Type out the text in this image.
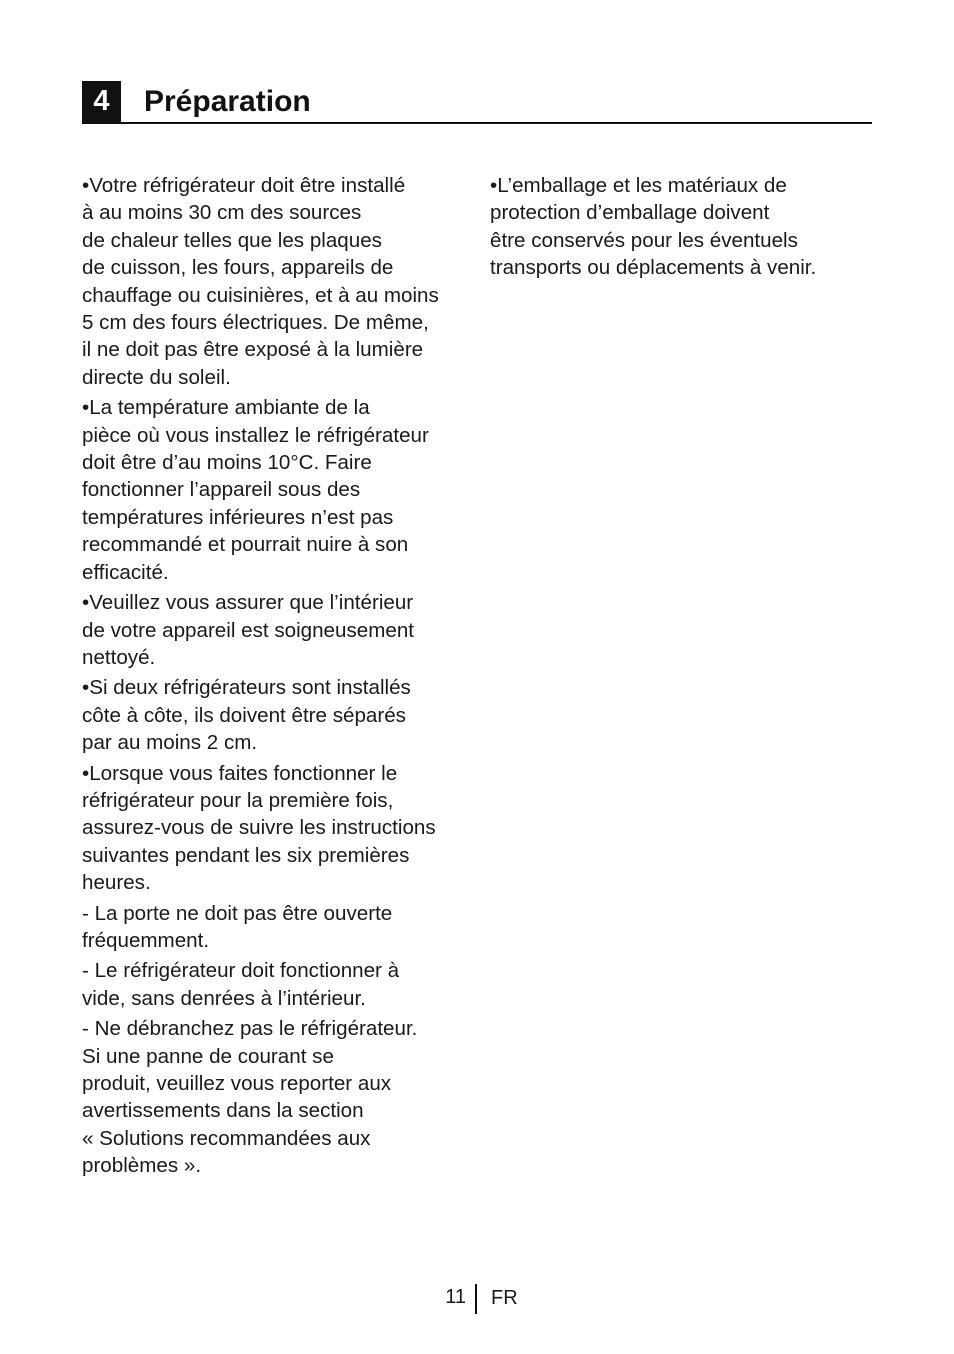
4	Préparation
•Votre réfrigérateur doit être installé
à au moins 30 cm des sources
de chaleur telles que les plaques
de cuisson, les fours, appareils de
chauffage ou cuisinières, et à au moins
5 cm des fours électriques. De même,
il ne doit pas être exposé à la lumière
directe du soleil.
•La température ambiante de la
pièce où vous installez le réfrigérateur
doit être d’au moins 10°C. Faire
fonctionner l’appareil sous des
températures inférieures n’est pas
recommandé et pourrait nuire à son
efficacité.
•Veuillez vous assurer que l’intérieur
de votre appareil est soigneusement
nettoyé.
•Si deux réfrigérateurs sont installés
côte à côte, ils doivent être séparés
par au moins 2 cm.
•Lorsque vous faites fonctionner le
réfrigérateur pour la première fois,
assurez-vous de suivre les instructions
suivantes pendant les six premières
heures.
- La porte ne doit pas être ouverte
fréquemment.
- Le réfrigérateur doit fonctionner à
vide, sans denrées à l’intérieur.
- Ne débranchez pas le réfrigérateur.
Si une panne de courant se
produit, veuillez vous reporter aux
avertissements dans la section
« Solutions recommandées aux
problèmes ».
•L’emballage et les matériaux de
protection d’emballage doivent
être conservés pour les éventuels
transports ou déplacements à venir.
11 FR
